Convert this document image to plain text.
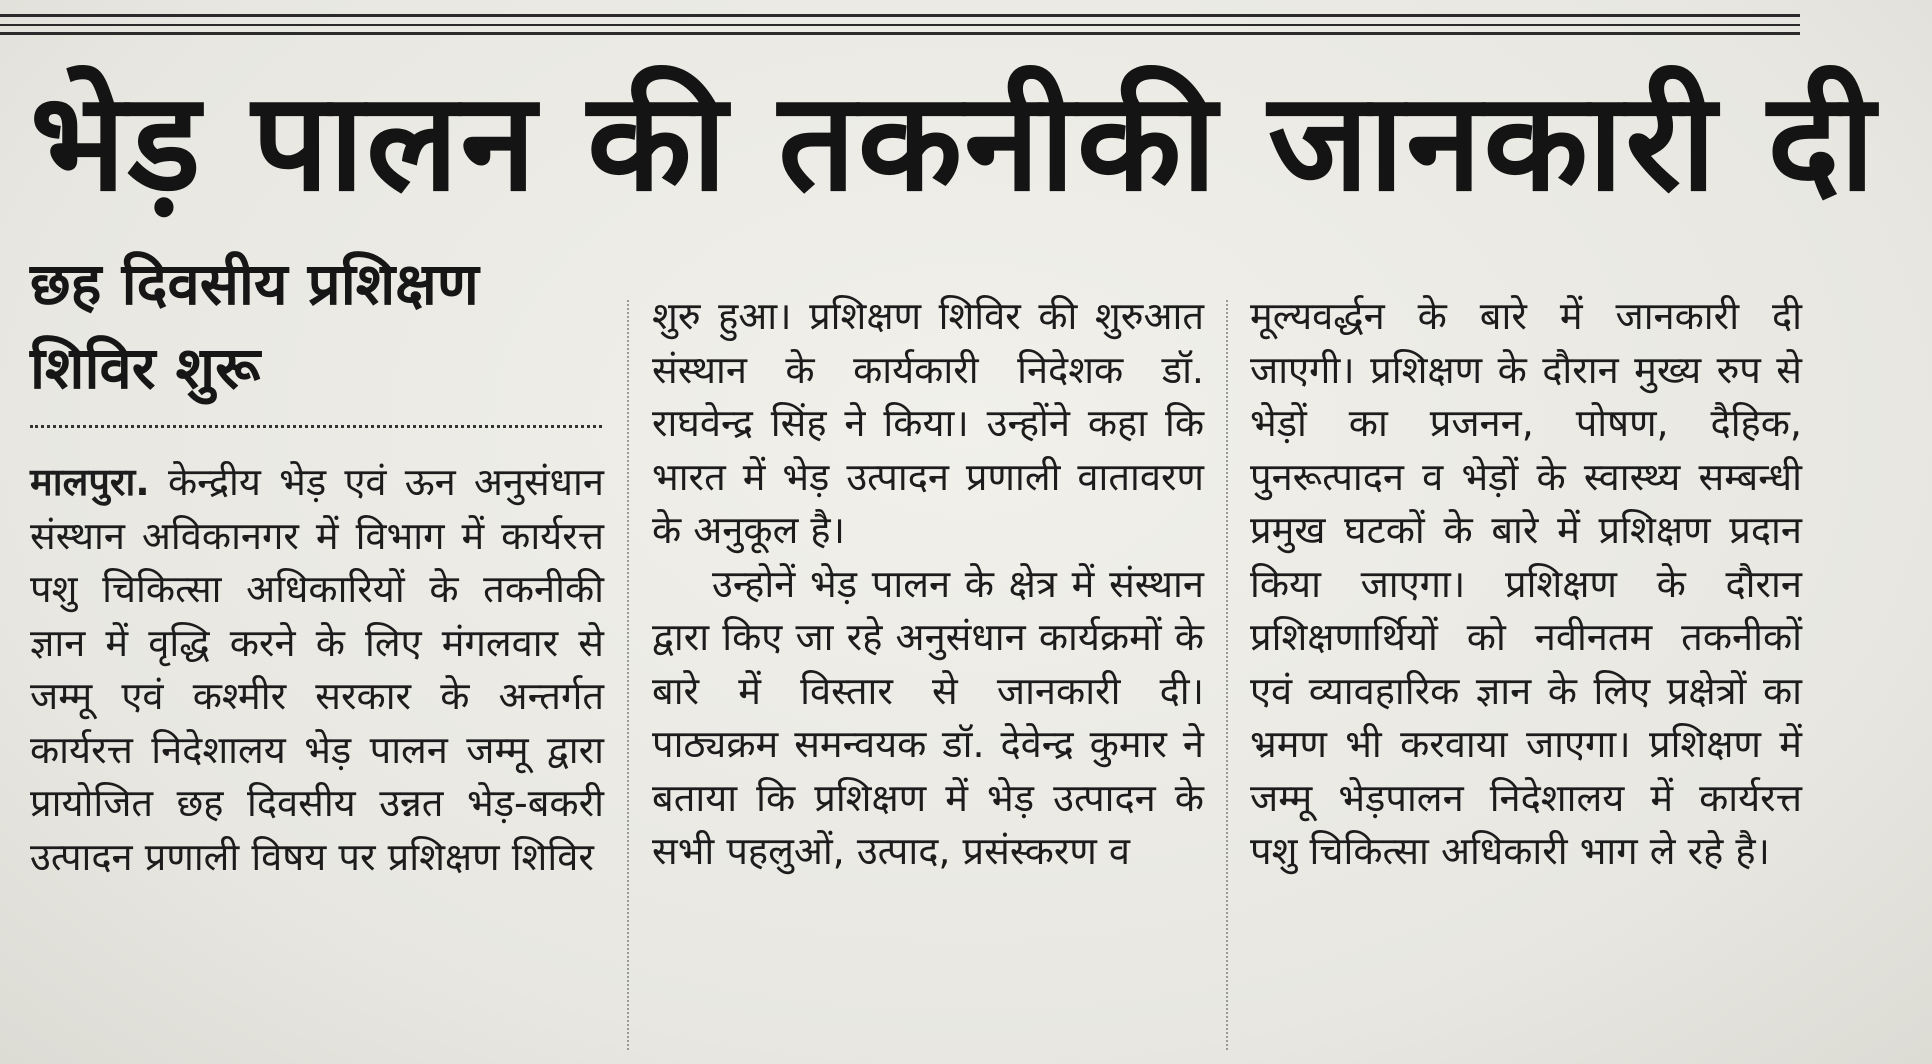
भेड़ पालन की तकनीकी जानकारी दी
छह दिवसीय प्रशिक्षण शिविर शुरू

मालपुरा. केन्द्रीय भेड़ एवं ऊन अनुसंधान संस्थान अविकानगर में विभाग में कार्यरत्त पशु चिकित्सा अधिकारियों के तकनीकी ज्ञान में वृद्धि करने के लिए मंगलवार से जम्मू एवं कश्मीर सरकार के अन्तर्गत कार्यरत्त निदेशालय भेड़ पालन जम्मू द्वारा प्रायोजित छह दिवसीय उन्नत भेड़-बकरी उत्पादन प्रणाली विषय पर प्रशिक्षण शिविर

शुरु हुआ। प्रशिक्षण शिविर की शुरुआत संस्थान के कार्यकारी निदेशक डॉ. राघवेन्द्र सिंह ने किया। उन्होंने कहा कि भारत में भेड़ उत्पादन प्रणाली वातावरण के अनुकूल है।

उन्होनें भेड़ पालन के क्षेत्र में संस्थान द्वारा किए जा रहे अनुसंधान कार्यक्रमों के बारे में विस्तार से जानकारी दी। पाठ्यक्रम समन्वयक डॉ. देवेन्द्र कुमार ने बताया कि प्रशिक्षण में भेड़ उत्पादन के सभी पहलुओं, उत्पाद, प्रसंस्करण व

मूल्यवर्द्धन के बारे में जानकारी दी जाएगी। प्रशिक्षण के दौरान मुख्य रुप से भेड़ों का प्रजनन, पोषण, दैहिक, पुनरूत्पादन व भेड़ों के स्वास्थ्य सम्बन्धी प्रमुख घटकों के बारे में प्रशिक्षण प्रदान किया जाएगा। प्रशिक्षण के दौरान प्रशिक्षणार्थियों को नवीनतम तकनीकों एवं व्यावहारिक ज्ञान के लिए प्रक्षेत्रों का भ्रमण भी करवाया जाएगा। प्रशिक्षण में जम्मू भेड़पालन निदेशालय में कार्यरत्त पशु चिकित्सा अधिकारी भाग ले रहे है।
